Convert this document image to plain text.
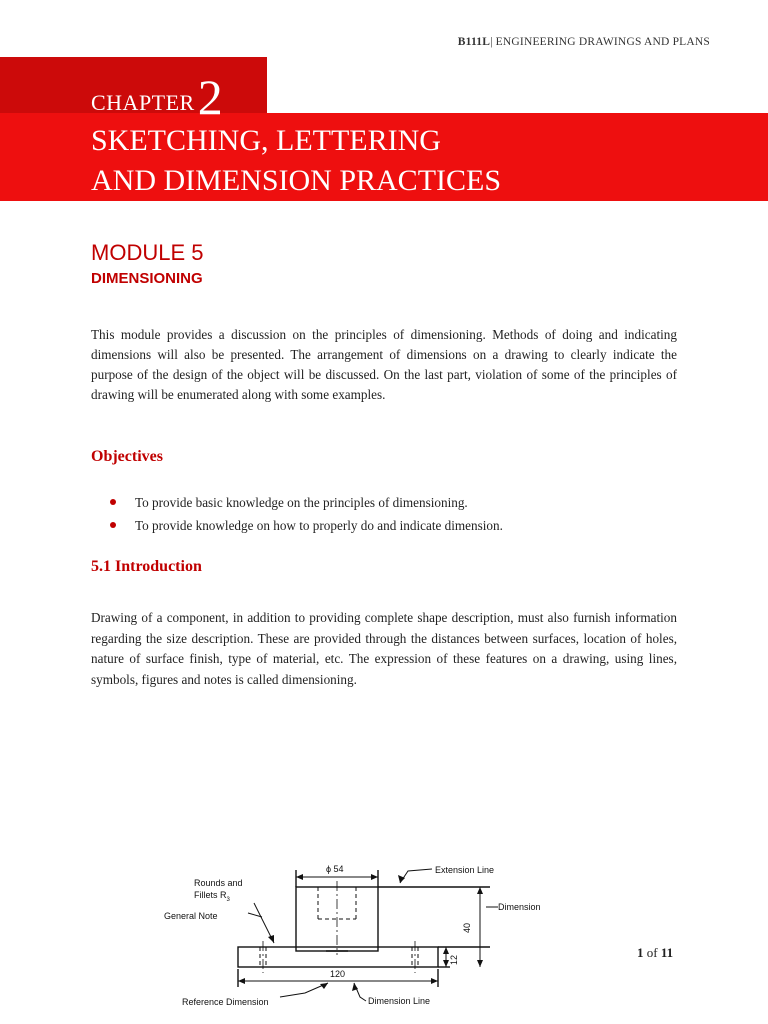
B111L| ENGINEERING DRAWINGS AND PLANS
CHAPTER2
SKETCHING, LETTERING
AND DIMENSION PRACTICES
MODULE 5
DIMENSIONING

This module provides a discussion on the principles of dimensioning. Methods of doing and indicating dimensions will also be presented. The arrangement of dimensions on a drawing to clearly indicate the purpose of the design of the object will be discussed. On the last part, violation of some of the principles of drawing will be enumerated along with some examples.

Objectives
To provide basic knowledge on the principles of dimensioning.
To provide knowledge on how to properly do and indicate dimension.
5.1 Introduction

Drawing of a component, in addition to providing complete shape description, must also furnish information regarding the size description. These are provided through the distances between surfaces, location of holes, nature of surface finish, type of material, etc. The expression of these features on a drawing, using lines, symbols, figures and notes is called dimensioning.

Rounds and
Fillets $R_3$
General Note
ϕ 54	Extension Line
Dimension
40
120
12
Reference Dimension	Dimension Line
1 of 11
